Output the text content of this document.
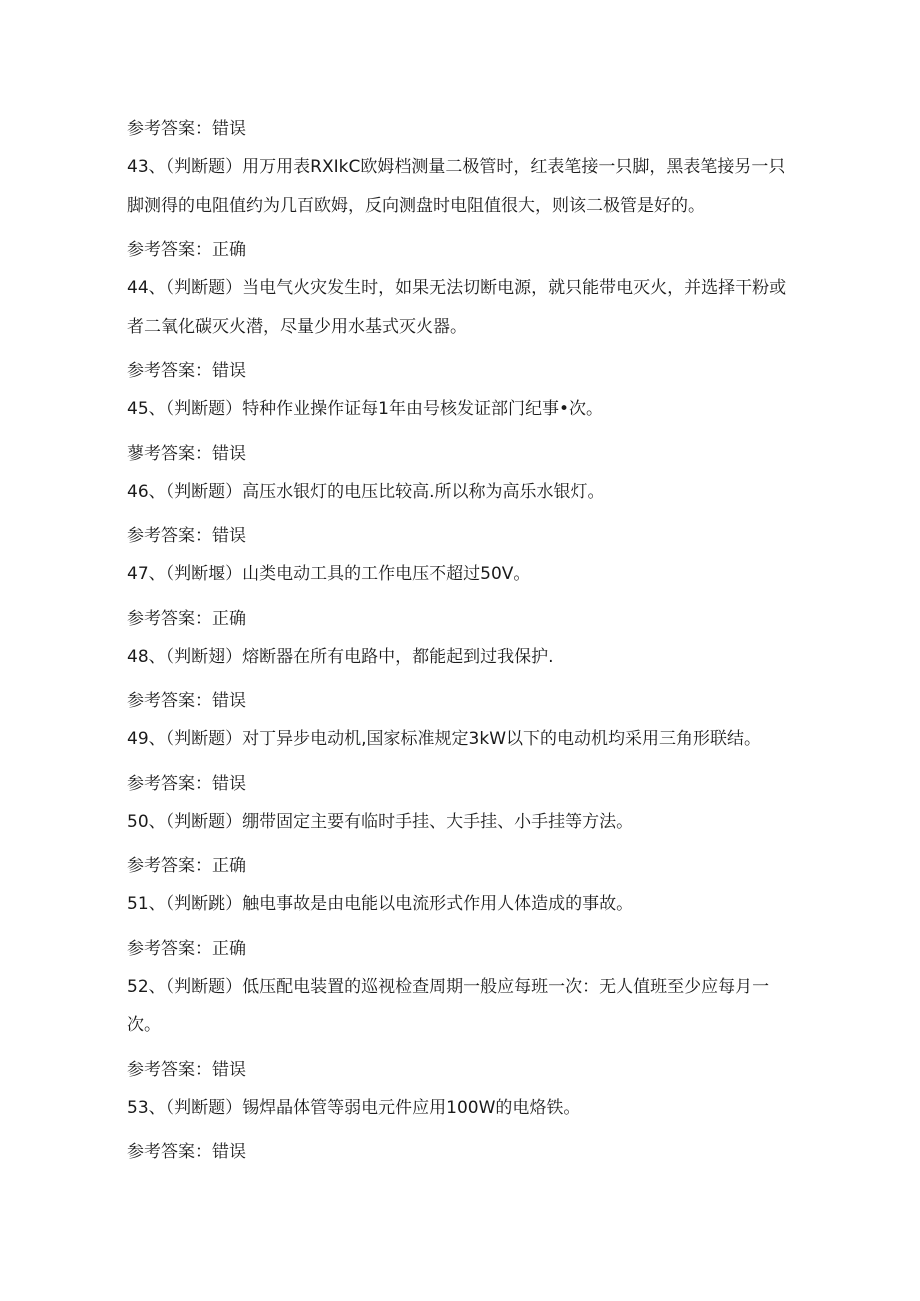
参考答案：错误
43、（判断题）用万用表RXIkC欧姆档测量二极管时，红表笔接一只脚，黑表笔接另一只脚测得的电阻值约为几百欧姆，反向测盘时电阻值很大，则该二极管是好的。
参考答案：正确
44、（判断题）当电气火灾发生时，如果无法切断电源，就只能带电灭火，并选择干粉或者二氧化碳灭火潜，尽量少用水基式灭火器。
参考答案：错误
45、（判断题）特种作业操作证每1年由号核发证部门纪事•次。
蓼考答案：错误
46、（判断题）高压水银灯的电压比较高.所以称为高乐水银灯。
参考答案：错误
47、（判断堰）山类电动工具的工作电压不超过50V。
参考答案：正确
48、（判断翅）熔断器在所有电路中，都能起到过我保护.
参考答案：错误
49、（判断题）对丁异步电动机,国家标准规定3kW以下的电动机均采用三角形联结。
参考答案：错误
50、（判断题）绷带固定主要有临时手挂、大手挂、小手挂等方法。
参考答案：正确
51、（判断跳）触电事故是由电能以电流形式作用人体造成的事故。
参考答案：正确
52、（判断题）低压配电装置的巡视检查周期一般应每班一次：无人值班至少应每月一次。
参考答案：错误
53、（判断题）锡焊晶体管等弱电元件应用100W的电烙铁。
参考答案：错误
